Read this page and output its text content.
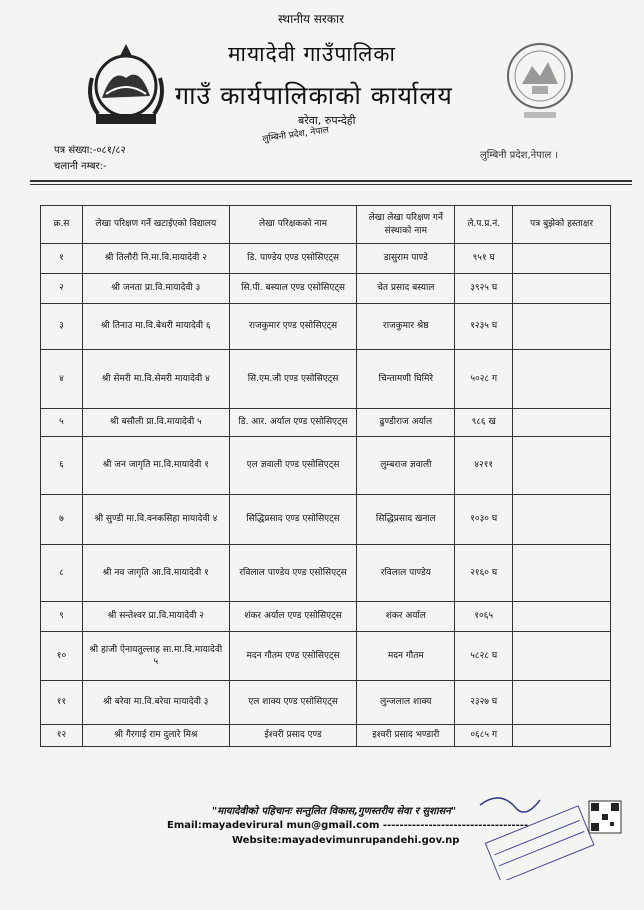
स्थानीय सरकार
मायादेवी गाउँपालिका
गाउँ कार्यपालिकाको कार्यालय
बरेवा, रुपन्देही
लुम्बिनी प्रदेश, नेपाल
पत्र संख्या:-०८१/८२
चलानी नम्बर:-
लुम्बिनी प्रदेश,नेपाल ।
क्र.स	लेखा परिक्षण गर्ने खटाईएको विद्यालय	लेखा परिक्षकको नाम	लेखा लेखा परिक्षण गर्ने संस्थाको नाम	ले.प.प्र.नं.	पत्र बुझेको हस्ताक्षर
१	श्री तिलौरी नि.मा.वि.मायादेवी २	डि. पाण्डेय एण्ड एसोसिएट्स	डासुराम पाण्डे	९५१ घ	
२	श्री जनता प्रा.वि.मायादेवी ३	सि.पी. बस्याल एण्ड एसोसिएट्स	चेत प्रसाद बस्याल	३९२५ घ	
३	श्री तिनाउ मा.वि.बेथरी मायादेवी ६	राजकुमार एण्ड एसोसिएट्स	राजकुमार श्रेष्ठ	१२३५ घ	
४	श्री सेमरी मा.वि.सेमरी मायादेवी ४	सि.एम.जी एण्ड एसोसिएट्स	चिन्तामणी घिमिरे	५०२८ ग	
५	श्री बसौली प्रा.वि.मायादेवी ५	डि. आर. अर्याल एण्ड एसोसिएट्स	ढुण्डीराज अर्याल	९८६ ख	
६	श्री जन जागृति मा.वि.मायादेवी १	एल ज्ञवाली एण्ड एसोसिएट्स	लुम्बराज ज्ञवाली	४२११	
७	श्री सुण्डी मा.वि.वनकसिहा मायादेवी ४	सिद्धिप्रसाद एण्ड एसोसिएट्स	सिद्धिप्रसाद खनाल	१०३० घ	
८	श्री नव जागृति आ.वि.मायादेवी १	रविलाल पाण्डेय एण्ड एसोसिएट्स	रविलाल पाण्डेय	२१६० घ	
९	श्री सन्तेश्वर प्रा.वि.मायादेवी २	शंकर अर्याल एण्ड एसोसिएट्स	शंकर अर्याल	१०६५	
१०	श्री हाजी ऐनायतुल्लाह सा.मा.वि.मायादेवी ५	मदन गौतम एण्ड एसोसिएट्स	मदन गौतम	५८२८ घ	
११	श्री बरेवा मा.वि.बरेवा मायादेवी ३	एल शाक्य एण्ड एसोसिएट्स	लुन्जलाल शाक्य	२३२७ घ	
१२	श्री गैरगाई राम दुलारे मिश्र	ईश्वरी प्रसाद एण्ड	इश्वरी प्रसाद भण्डारी	०६८५ ग	
"मायादेवीको पहिचानः सन्तुलित विकास,गुणस्तरीय सेवा र सुशासन"
Email:mayadevirural mun@gmail.com -----------------------------------
Website:mayadevimunrupandehi.gov.np
